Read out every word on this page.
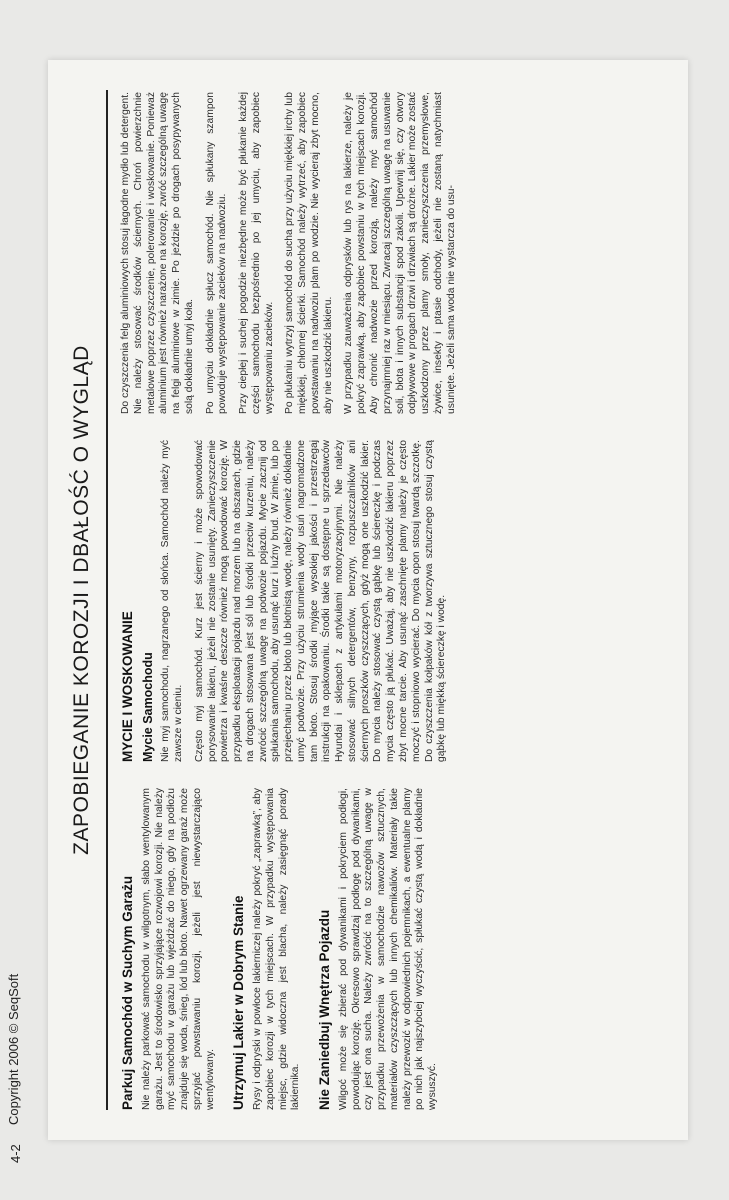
Copyright 2006 © SeqSoft
4-2
ZAPOBIEGANIE KOROZJI I DBAŁOŚĆ O WYGLĄD
Parkuj Samochód w Suchym Garażu Nie należy parkować samochodu w wilgotnym, słabo wentylowanym garażu. Jest to środowisko sprzyjające rozwojowi korozji. Nie należy myć samochodu w garażu lub wjeżdżać do niego, gdy na podłożu znajduje się woda, śnieg, lód lub błoto. Nawet ogrzewany garaż może sprzyjać powstawaniu korozji, jeżeli jest niewystarczająco wentylowany. Utrzymuj Lakier w Dobrym Stanie Rysy i odpryski w powłoce lakierniczej należy pokryć „zaprawką”, aby zapobiec korozji w tych miejscach. W przypadku występowania miejsc, gdzie widoczna jest blacha, należy zasięgnąć porady lakiernika. Nie Zaniedbuj Wnętrza Pojazdu Wilgoć może się zbierać pod dywanikami i pokryciem podłogi, powodując korozję. Okresowo sprawdzaj podłogę pod dywanikami, czy jest ona sucha. Należy zwrócić na to szczególną uwagę w przypadku przewożenia w samochodzie nawozów sztucznych, materiałów czyszczących lub innych chemikaliów. Materiały takie należy przewozić w odpowiednich pojemnikach, a ewentualne plamy po nich jak najszybciej wyczyścić, spłukać czystą wodą i dokładnie wysuszyć.

MYCIE I WOSKOWANIE Mycie Samochodu Nie myj samochodu, nagrzanego od słońca. Samochód należy myć zawsze w cieniu. Często myj samochód. Kurz jest ścierny i może spowodować porysowanie lakieru, jeżeli nie zostanie usunięty. Zanieczyszczenie powietrza i kwaśne deszcze również mogą powodować korozję. W przypadku eksploatacji pojazdu nad morzem lub na obszarach, gdzie na drogach stosowana jest sól lub środki przeciw kurzeniu, należy zwrócić szczególną uwagę na podwozie pojazdu. Mycie zacznij od spłukania samochodu, aby usunąć kurz i luźny brud. W zimie, lub po przejechaniu przez błoto lub błotnistą wodę, należy również dokładnie umyć podwozie. Przy użyciu strumienia wody usuń nagromadzone tam błoto. Stosuj środki myjące wysokiej jakości i przestrzegaj instrukcji na opakowaniu. Środki takie są dostępne u sprzedawców Hyundai i sklepach z artykułami motoryzacyjnymi. Nie należy stosować silnych detergentów, benzyny, rozpuszczalników ani ściernych proszków czyszczących, gdyż mogą one uszkodzić lakier. Do mycia należy stosować czystą gąbkę lub ściereczkę i podczas mycia często ją płukać. Uważaj, aby nie uszkodzić lakieru poprzez zbyt mocne tarcie. Aby usunąć zaschnięte plamy należy je często moczyć i stopniowo wycierać. Do mycia opon stosuj twardą szczotkę. Do czyszczenia kołpaków kół z tworzywa sztucznego stosuj czystą gąbkę lub miękką ściereczkę i wodę.

Do czyszczenia felg aluminiowych stosuj łagodne mydło lub detergent. Nie należy stosować środków ściernych. Chroń powierzchnie metalowe poprzez czyszczenie, polerowanie i woskowanie. Ponieważ aluminium jest również narażone na korozję, zwróć szczególną uwagę na felgi aluminiowe w zimie. Po jeździe po drogach posypywanych solą dokładnie umyj koła. Po umyciu dokładnie spłucz samochód. Nie spłukany szampon powoduje występowanie zacieków na nadwoziu. Przy ciepłej i suchej pogodzie niezbędne może być płukanie każdej części samochodu bezpośrednio po jej umyciu, aby zapobiec występowaniu zacieków. Po płukaniu wytrzyj samochód do sucha przy użyciu miękkiej irchy lub miękkiej, chłonnej ścierki. Samochód należy wytrzeć, aby zapobiec powstawaniu na nadwoziu plam po wodzie. Nie wycieraj zbyt mocno, aby nie uszkodzić lakieru. W przypadku zauważenia odprysków lub rys na lakierze, należy je pokryć zaprawką, aby zapobiec powstaniu w tych miejscach korozji. Aby chronić nadwozie przed korozją, należy myć samochód przynajmniej raz w miesiącu. Zwracaj szczególną uwagę na usuwanie soli, błota i innych substancji spod zakoli. Upewnij się, czy otwory odpływowe w progach drzwi i drzwiach są drożne. Lakier może zostać uszkodzony przez plamy smoły, zanieczyszczenia przemysłowe, żywice, insekty i ptasie odchody, jeżeli nie zostaną natychmiast usunięte. Jeżeli sama woda nie wystarcza do usu-
